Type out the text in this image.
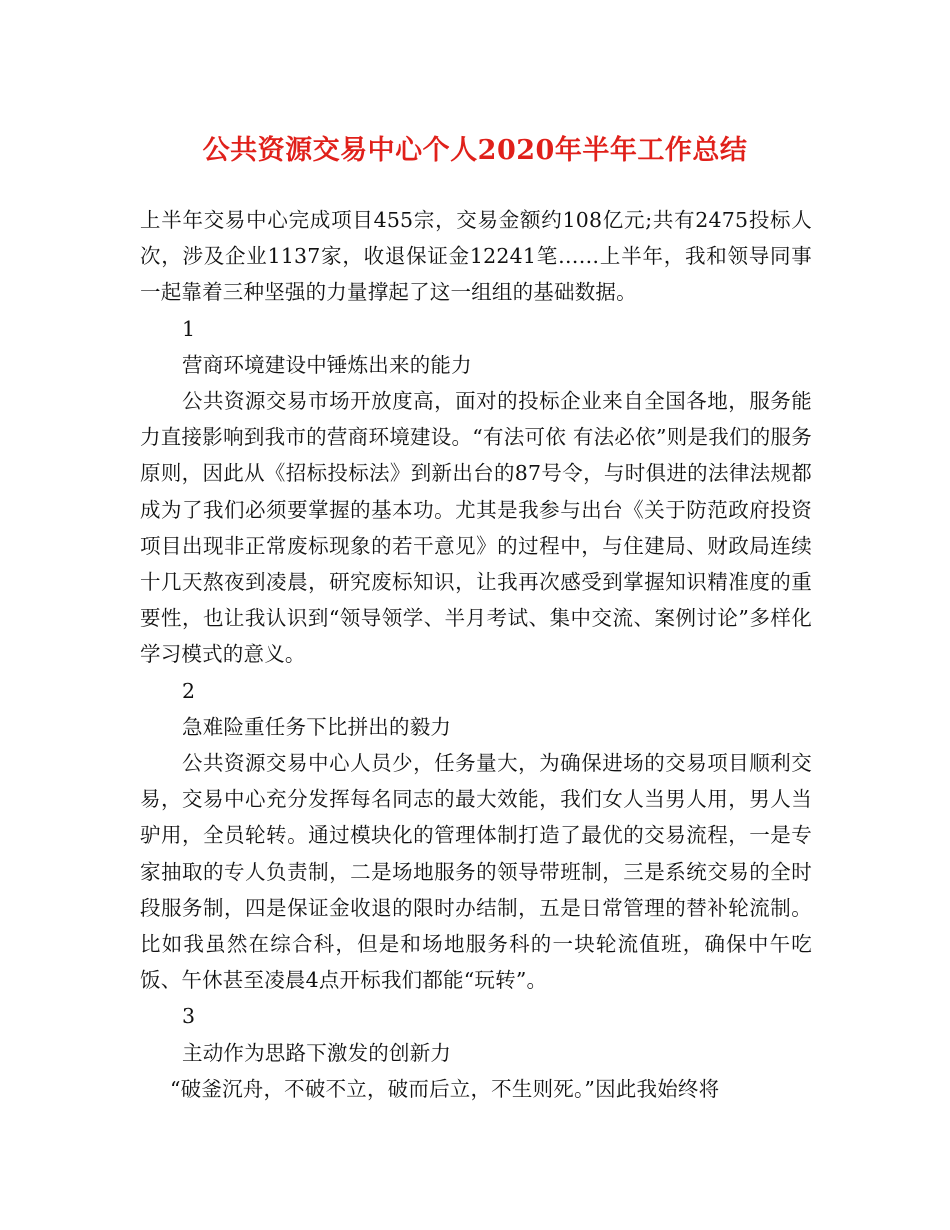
公共资源交易中心个人2020年半年工作总结

上半年交易中心完成项目455宗，交易金额约108亿元;共有2475投标人次，涉及企业1137家，收退保证金12241笔……上半年，我和领导同事一起靠着三种坚强的力量撑起了这一组组的基础数据。

1

营商环境建设中锤炼出来的能力

公共资源交易市场开放度高，面对的投标企业来自全国各地，服务能力直接影响到我市的营商环境建设。“有法可依 有法必依”则是我们的服务原则，因此从《招标投标法》到新出台的87号令，与时俱进的法律法规都成为了我们必须要掌握的基本功。尤其是我参与出台《关于防范政府投资项目出现非正常废标现象的若干意见》的过程中，与住建局、财政局连续十几天熬夜到凌晨，研究废标知识，让我再次感受到掌握知识精准度的重要性，也让我认识到“领导领学、半月考试、集中交流、案例讨论”多样化学习模式的意义。

2

急难险重任务下比拼出的毅力

公共资源交易中心人员少，任务量大，为确保进场的交易项目顺利交易，交易中心充分发挥每名同志的最大效能，我们女人当男人用，男人当驴用，全员轮转。通过模块化的管理体制打造了最优的交易流程，一是专家抽取的专人负责制，二是场地服务的领导带班制，三是系统交易的全时段服务制，四是保证金收退的限时办结制，五是日常管理的替补轮流制。比如我虽然在综合科，但是和场地服务科的一块轮流值班，确保中午吃饭、午休甚至凌晨4点开标我们都能“玩转”。

3

主动作为思路下激发的创新力

“破釜沉舟，不破不立，破而后立，不生则死。”因此我始终将
